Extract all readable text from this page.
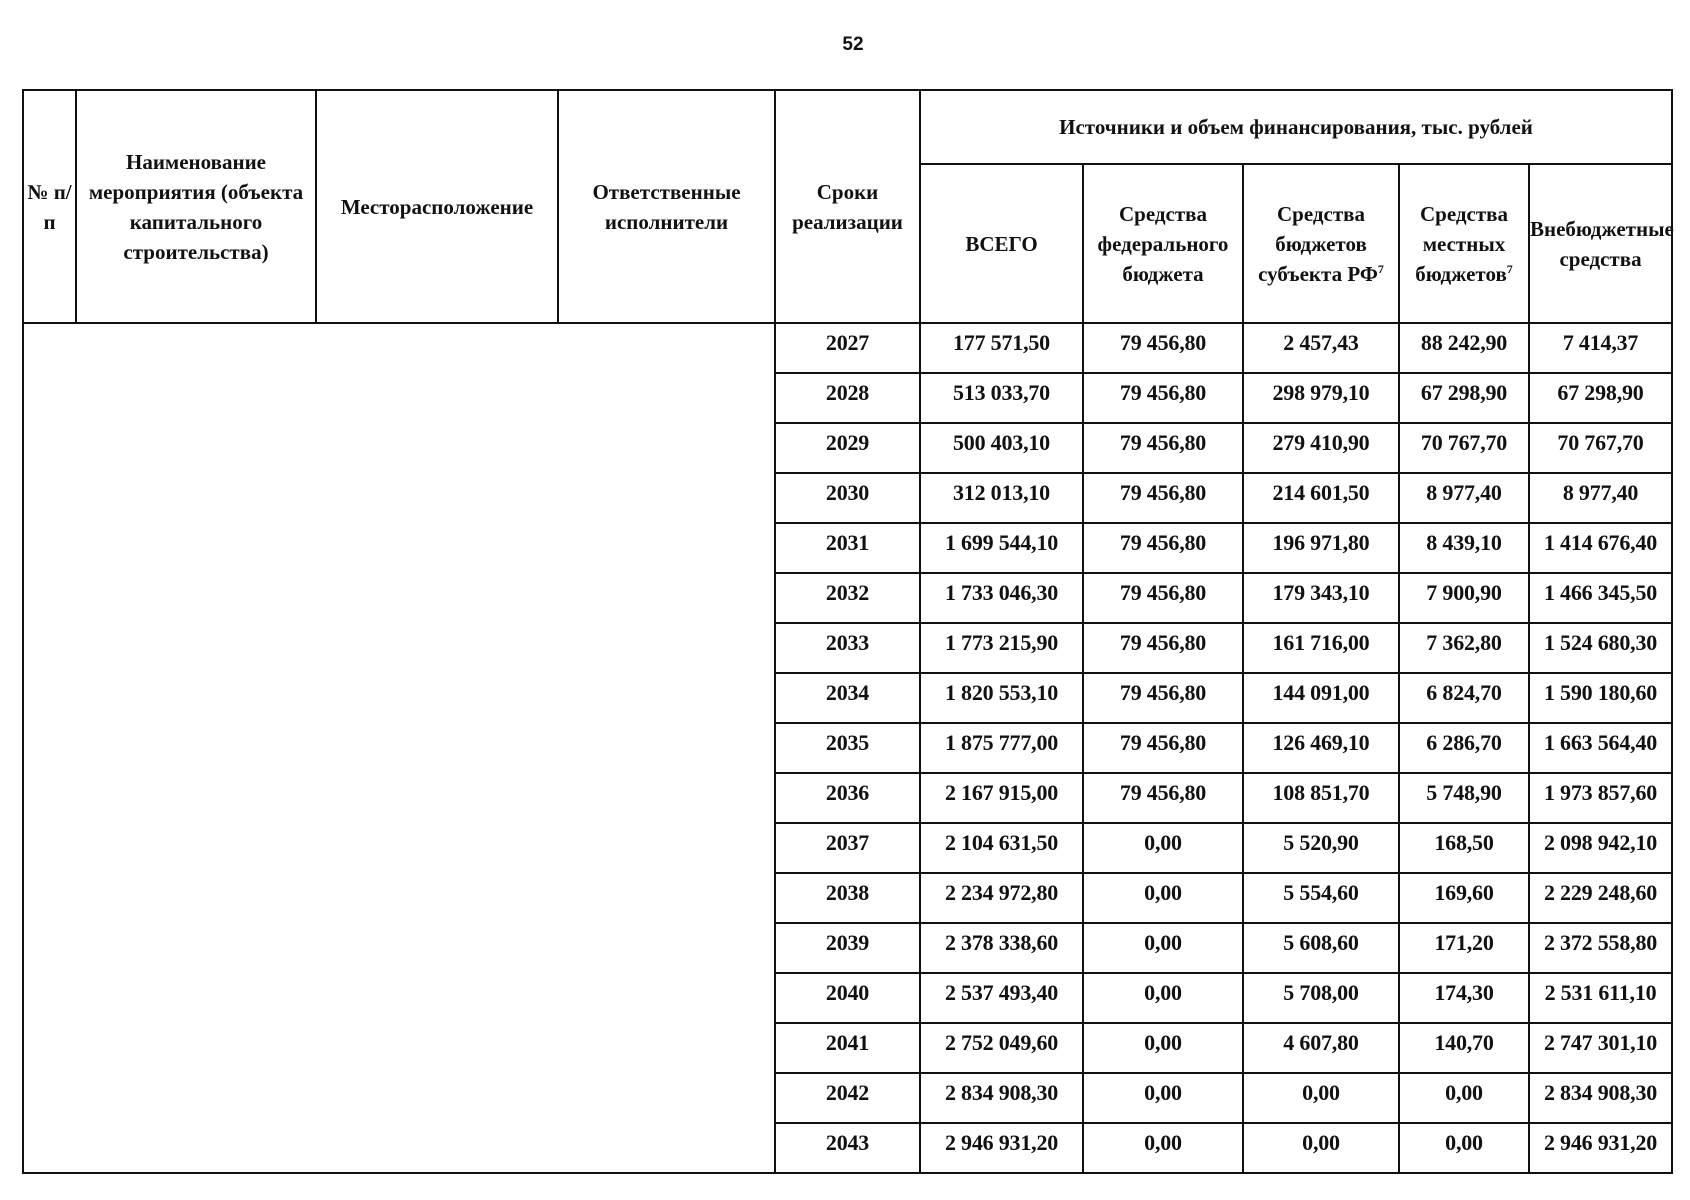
52
№ п/п	Наименование мероприятия (объекта капитального строительства)	Месторасположение	Ответственные исполнители	Сроки реализации	Источники и объем финансирования, тыс. рублей				
					ВСЕГО	Средства федерального бюджета	Средства бюджетов субъекта $РФ^7$	Средства местных бюджетов$^7$	Внебюджетные средства
				2027	177 571,50	79 456,80	2 457,43	88 242,90	7 414,37
				2028	513 033,70	79 456,80	298 979,10	67 298,90	67 298,90
				2029	500 403,10	79 456,80	279 410,90	70 767,70	70 767,70
				2030	312 013,10	79 456,80	214 601,50	8 977,40	8 977,40
				2031	1 699 544,10	79 456,80	196 971,80	8 439,10	1 414 676,40
				2032	1 733 046,30	79 456,80	179 343,10	7 900,90	1 466 345,50
				2033	1 773 215,90	79 456,80	161 716,00	7 362,80	1 524 680,30
				2034	1 820 553,10	79 456,80	144 091,00	6 824,70	1 590 180,60
				2035	1 875 777,00	79 456,80	126 469,10	6 286,70	1 663 564,40
				2036	2 167 915,00	79 456,80	108 851,70	5 748,90	1 973 857,60
				2037	2 104 631,50	0,00	5 520,90	168,50	2 098 942,10
				2038	2 234 972,80	0,00	5 554,60	169,60	2 229 248,60
				2039	2 378 338,60	0,00	5 608,60	171,20	2 372 558,80
				2040	2 537 493,40	0,00	5 708,00	174,30	2 531 611,10
				2041	2 752 049,60	0,00	4 607,80	140,70	2 747 301,10
				2042	2 834 908,30	0,00	0,00	0,00	2 834 908,30
				2043	2 946 931,20	0,00	0,00	0,00	2 946 931,20
